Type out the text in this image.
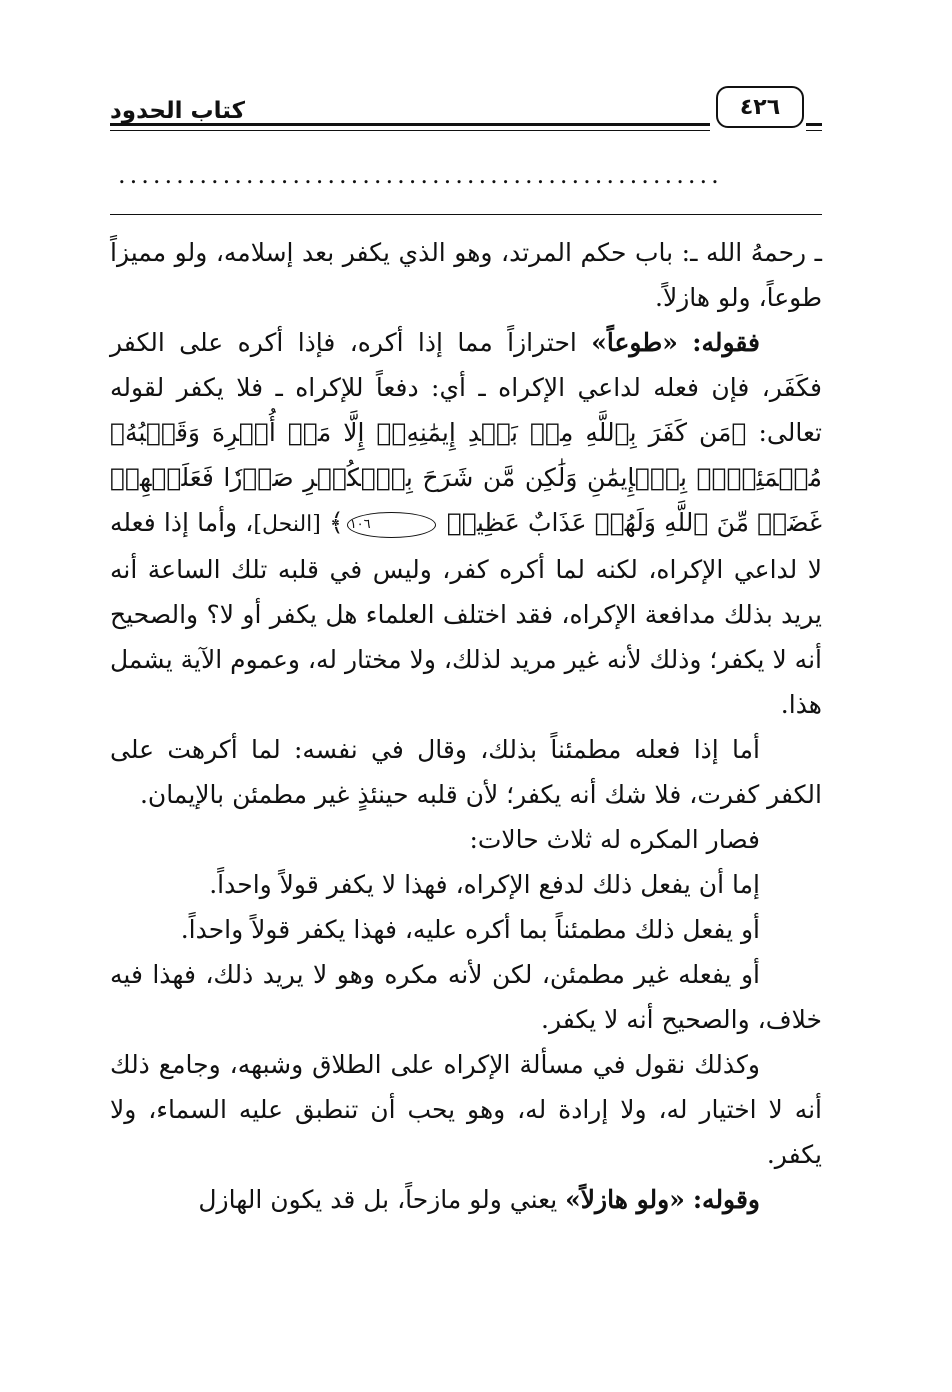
كتاب الحدود	٤٢٦
....................................................

ـ رحمهُ الله ـ: باب حكم المرتد، وهو الذي يكفر بعد إسلامه، ولو مميزاً طوعاً، ولو هازلاً.

فقوله: «طوعاً» احترازاً مما إذا أكره، فإذا أكره على الكفر فكَفَر، فإن فعله لداعي الإكراه ـ أي: دفعاً للإكراه ـ فلا يكفر لقوله تعالى: ﴿مَن كَفَرَ بِٱللَّهِ مِنۢ بَعۡدِ إِيمَٰنِهِۦٓ إِلَّا مَنۡ أُكۡرِهَ وَقَلۡبُهُۥ مُطۡمَئِنُّۢ بِٱلۡإِيمَٰنِ وَلَٰكِن مَّن شَرَحَ بِٱلۡكُفۡرِ صَدۡرٗا فَعَلَيۡهِمۡ غَضَبٞ مِّنَ ٱللَّهِ وَلَهُمۡ عَذَابٌ عَظِيمٞ ١٠٦﴾ [النحل]، وأما إذا فعله لا لداعي الإكراه، لكنه لما أكره كفر، وليس في قلبه تلك الساعة أنه يريد بذلك مدافعة الإكراه، فقد اختلف العلماء هل يكفر أو لا؟ والصحيح أنه لا يكفر؛ وذلك لأنه غير مريد لذلك، ولا مختار له، وعموم الآية يشمل هذا.

أما إذا فعله مطمئناً بذلك، وقال في نفسه: لما أكرهت على الكفر كفرت، فلا شك أنه يكفر؛ لأن قلبه حينئذٍ غير مطمئن بالإيمان.

فصار المكره له ثلاث حالات:

إما أن يفعل ذلك لدفع الإكراه، فهذا لا يكفر قولاً واحداً.

أو يفعل ذلك مطمئناً بما أكره عليه، فهذا يكفر قولاً واحداً.

أو يفعله غير مطمئن، لكن لأنه مكره وهو لا يريد ذلك، فهذا فيه خلاف، والصحيح أنه لا يكفر.

وكذلك نقول في مسألة الإكراه على الطلاق وشبهه، وجامع ذلك أنه لا اختيار له، ولا إرادة له، وهو يحب أن تنطبق عليه السماء، ولا يكفر.

وقوله: «ولو هازلاً» يعني ولو مازحاً، بل قد يكون الهازل
